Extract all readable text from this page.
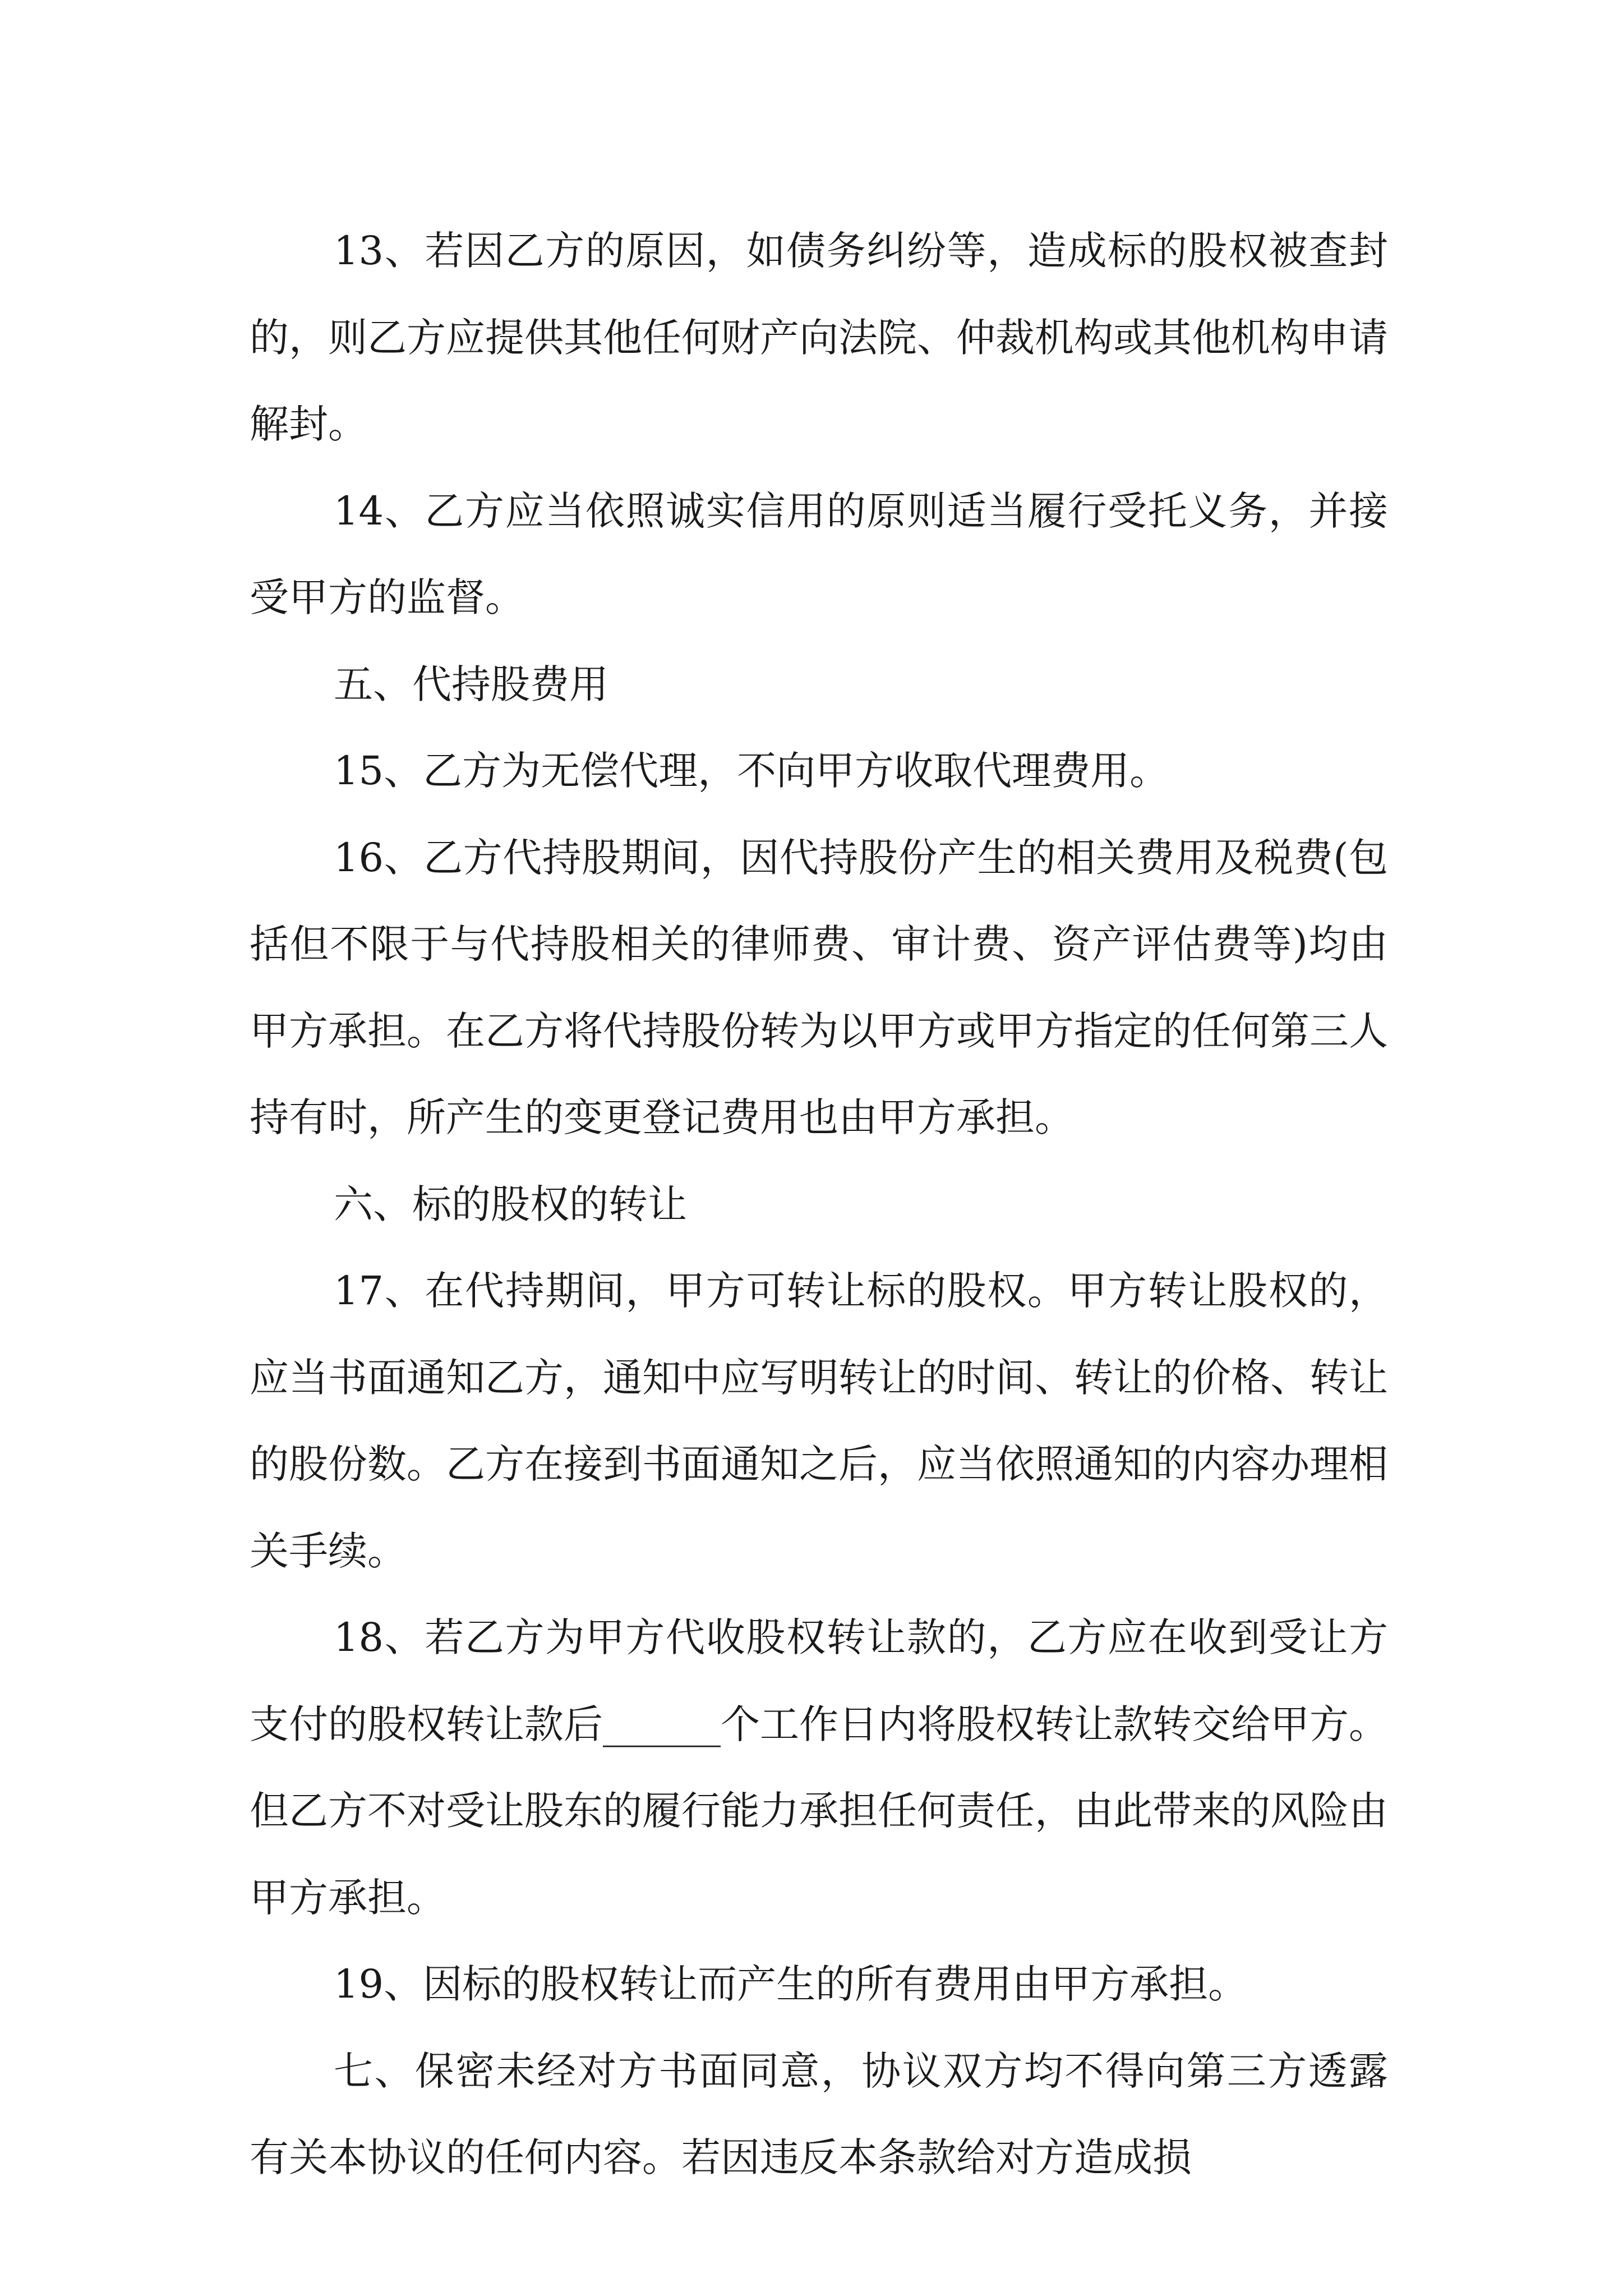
13、若因乙方的原因，如债务纠纷等，造成标的股权被查封的，则乙方应提供其他任何财产向法院、仲裁机构或其他机构申请解封。

14、乙方应当依照诚实信用的原则适当履行受托义务，并接受甲方的监督。

五、代持股费用

15、乙方为无偿代理，不向甲方收取代理费用。

16、乙方代持股期间，因代持股份产生的相关费用及税费(包括但不限于与代持股相关的律师费、审计费、资产评估费等)均由甲方承担。在乙方将代持股份转为以甲方或甲方指定的任何第三人持有时，所产生的变更登记费用也由甲方承担。

六、标的股权的转让

17、在代持期间，甲方可转让标的股权。甲方转让股权的，应当书面通知乙方，通知中应写明转让的时间、转让的价格、转让的股份数。乙方在接到书面通知之后，应当依照通知的内容办理相关手续。

18、若乙方为甲方代收股权转让款的，乙方应在收到受让方支付的股权转让款后______个工作日内将股权转让款转交给甲方。但乙方不对受让股东的履行能力承担任何责任，由此带来的风险由甲方承担。

19、因标的股权转让而产生的所有费用由甲方承担。

七、保密未经对方书面同意，协议双方均不得向第三方透露有关本协议的任何内容。若因违反本条款给对方造成损
